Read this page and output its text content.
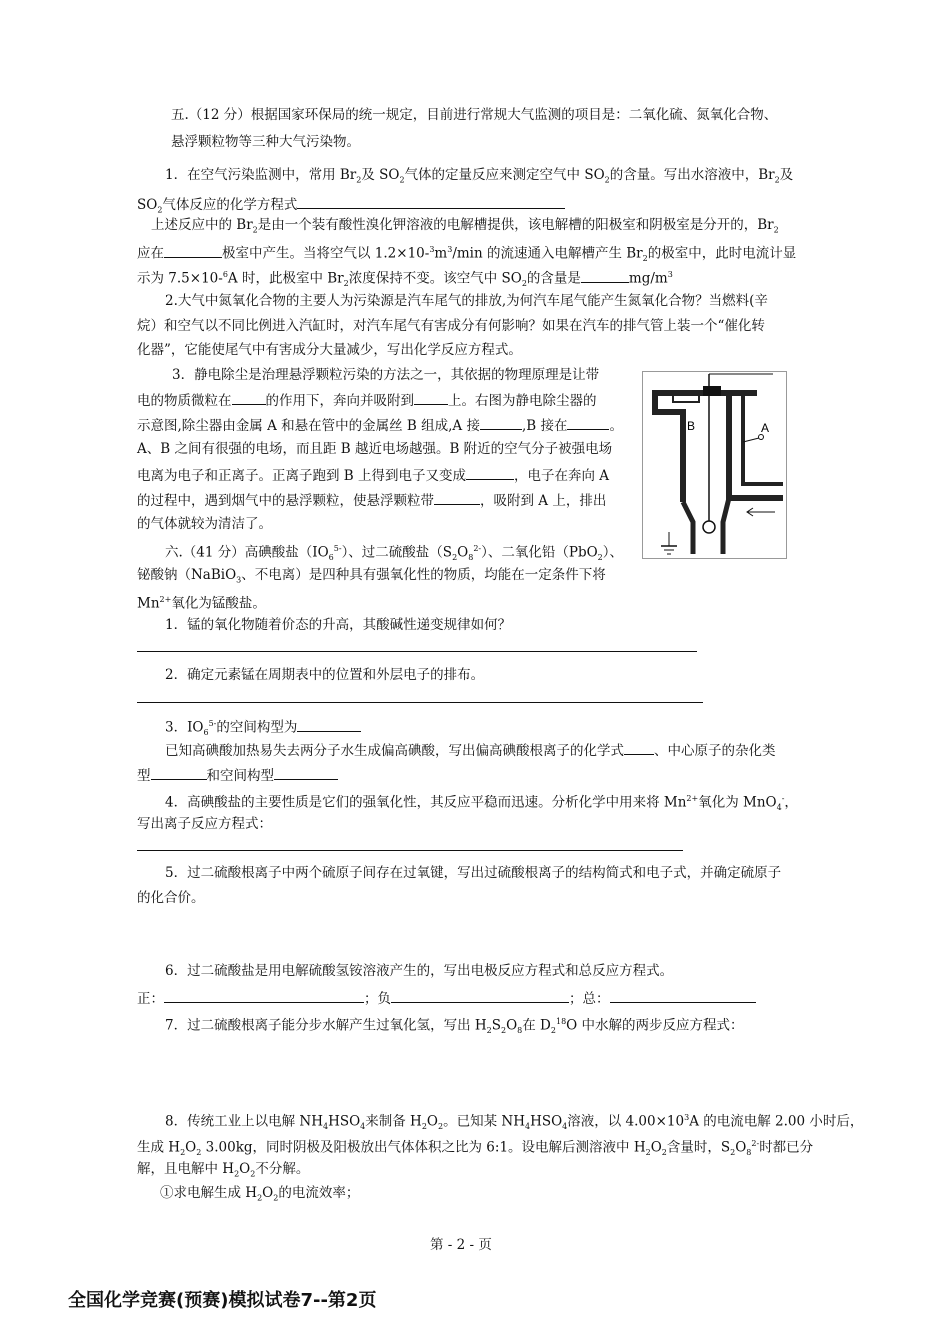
五.（12 分）根据国家环保局的统一规定，目前进行常规大气监测的项目是：二氧化硫、氮氧化合物、
悬浮颗粒物等三种大气污染物。
1．在空气污染监测中，常用 $Br_2$及 $SO_2$气体的定量反应来测定空气中 $SO_2$的含量。写出水溶液中，$Br_2$及
$SO_2$气体反应的化学方程式
上述反应中的 $Br_2$是由一个装有酸性溴化钾溶液的电解槽提供，该电解槽的阳极室和阴极室是分开的，$Br_2$
应在	极室中产生。当将空气以 $1.2\times 10-^3m^3/\min$ 的流速通入电解槽产生 $Br_2$的极室中，此时电流计显
示为 7.5×10-$^6$A 时，此极室中 $Br_2$浓度保持不变。该空气中 $SO_2$的含量是	$mg/m^3$
2.大气中氮氧化合物的主要人为污染源是汽车尾气的排放,为何汽车尾气能产生氮氧化合物？当燃料(辛
烷）和空气以不同比例进入汽缸时，对汽车尾气有害成分有何影响？如果在汽车的排气管上装一个“催化转
化器”，它能使尾气中有害成分大量减少，写出化学反应方程式。
3．静电除尘是治理悬浮颗粒污染的方法之一，其依据的物理原理是让带
电的物质微粒在	的作用下，奔向并吸附到	上。右图为静电除尘器的
示意图,除尘器由金属 A 和悬在管中的金属丝 B 组成,A 接	,B 接在	。
A、B 之间有很强的电场，而且距 B 越近电场越强。B 附近的空气分子被强电场
电离为电子和正离子。正离子跑到 B 上得到电子又变成	，电子在奔向 A
的过程中，遇到烟气中的悬浮颗粒，使悬浮颗粒带	，吸附到 A 上，排出
的气体就较为清洁了。
B	A
六.（41 分）高碘酸盐$(IO_6^{5-})$、过二硫酸盐$(S_2O_8^{2-})$、二氧化铅（PbO$_2$）、
铋酸钠（NaBiO$_3$、不电离）是四种具有强氧化性的物质，均能在一定条件下将
$Mn^{2+}$氧化为锰酸盐。
1．锰的氧化物随着价态的升高，其酸碱性递变规律如何？
2．确定元素锰在周期表中的位置和外层电子的排布。
3．$IO_6^{5-}$的空间构型为
已知高碘酸加热易失去两分子水生成偏高碘酸，写出偏高碘酸根离子的化学式 、中心原子的杂化类
型	和空间构型
4．高碘酸盐的主要性质是它们的强氧化性，其反应平稳而迅速。分析化学中用来将 $Mn^{2+}$氧化为 MnO$_4$-，
写出离子反应方程式：
5．过二硫酸根离子中两个硫原子间存在过氧键，写出过硫酸根离子的结构简式和电子式，并确定硫原子
的化合价。
6．过二硫酸盐是用电解硫酸氢铵溶液产生的，写出电极反应方程式和总反应方程式。
正：	；负	；总：
7．过二硫酸根离子能分步水解产生过氧化氢，写出 $H_2S_2O_8$在 $D_2^{18}O$ 中水解的两步反应方程式：
8．传统工业上以电解 $NH_4HSO_4$来制备 $H_2O_2$。已知某 $NH_4HSO_4$溶液，以 $4.00\times 10^3A$ 的电流电解 2.00 小时后，
生成 $H_2O_2$ 3.00kg，同时阴极及阳极放出气体体积之比为 6:1。设电解后测溶液中 $H_2O_2$含量时，$S_2O_8^{2-}$时都已分
解，且电解中 $H_2O_2$不分解。
①求电解生成 $H_2O_2$的电流效率；
第 - 2 - 页
全国化学竞赛(预赛)模拟试卷7--第2页
